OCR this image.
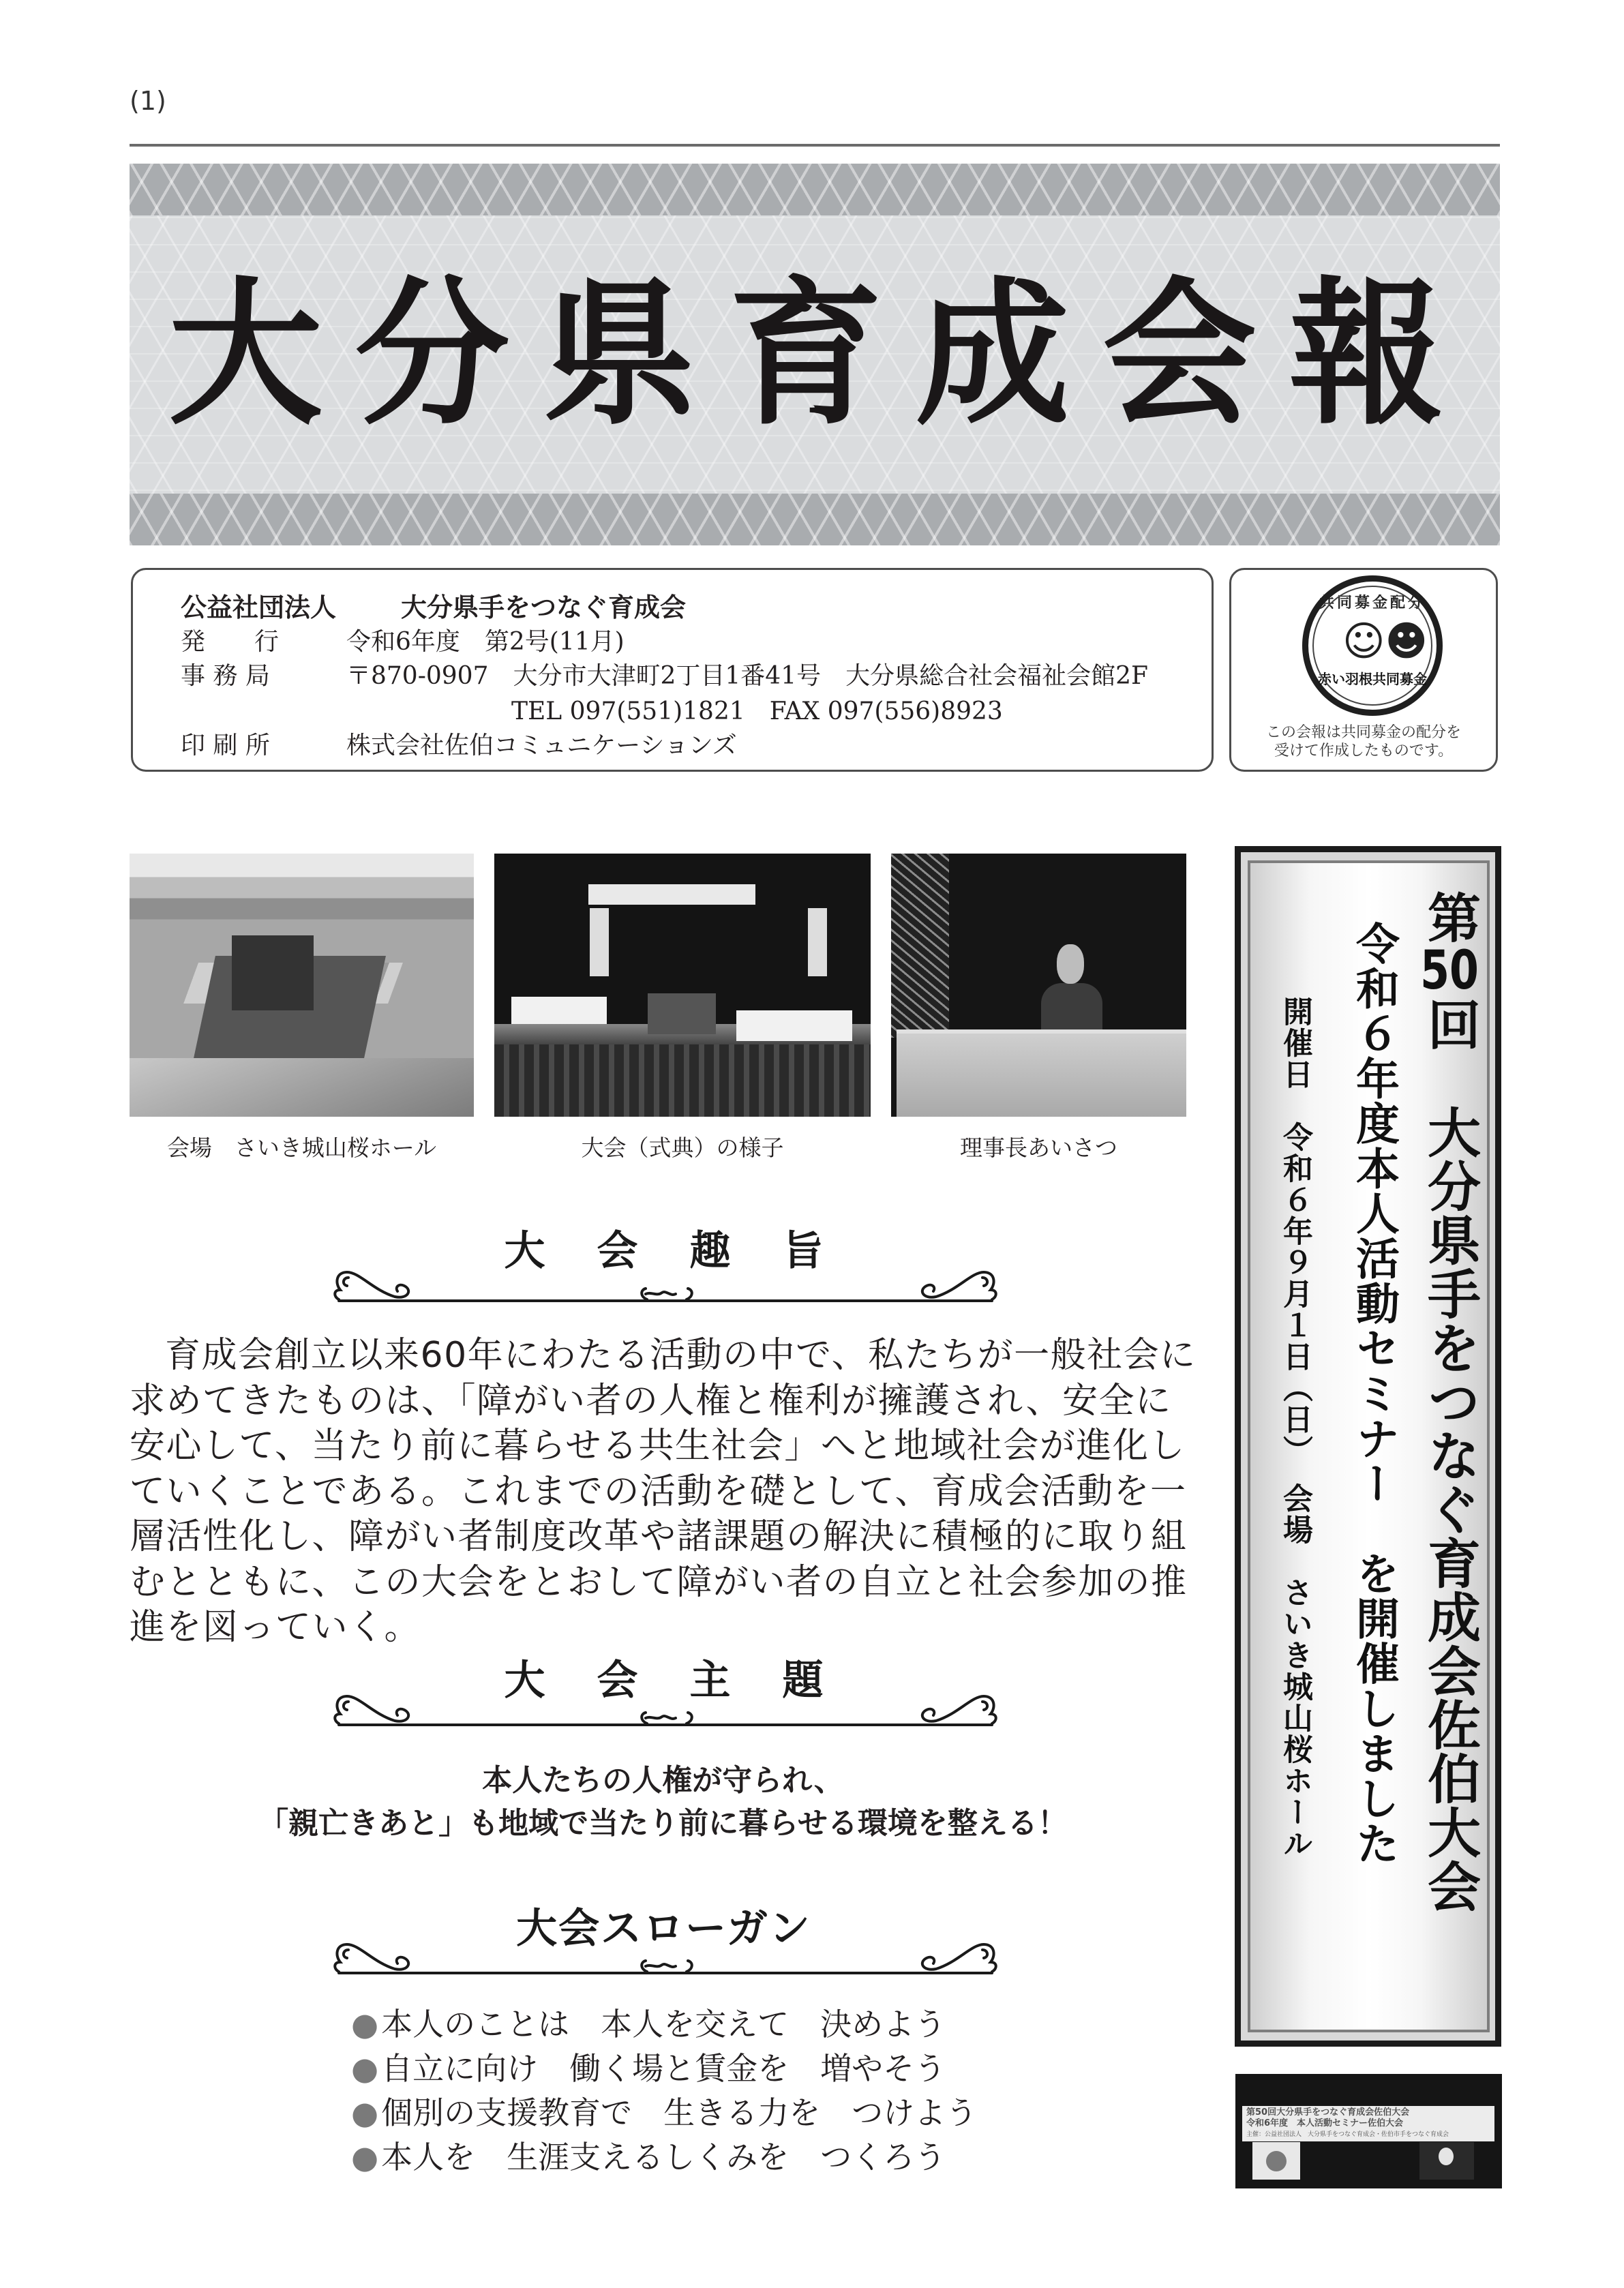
(1)
大分県育成会報
公益社団法人 大分県手をつなぐ育成会
発　　行	令和6年度　第2号(11月)
事 務 局	〒870-0907　大分市大津町2丁目1番41号　大分県総合社会福祉会館2F
TEL 097(551)1821　FAX 097(556)8923
印 刷 所	株式会社佐伯コミュニケーションズ
共同募金配分
☺☻
赤い羽根共同募金
この会報は共同募金の配分を
受けて作成したものです。
会場　さいき城山桜ホール	大会（式典）の様子	理事長あいさつ
第50回　大分県手をつなぐ育成会佐伯大会
令和６年度本人活動セミナー　を開催しました
開催日　令和６年９月１日（日）　会場　さいき城山桜ホール
第50回大分県手をつなぐ育成会佐伯大会
令和6年度　本人活動セミナー佐伯大会
主催：公益社団法人　大分県手をつなぐ育成会・佐伯市手をつなぐ育成会
大会趣旨
育成会創立以来60年にわたる活動の中で、私たちが一般社会に求めてきたものは、「障がい者の人権と権利が擁護され、安全に安心して、当たり前に暮らせる共生社会」へと地域社会が進化していくことである。これまでの活動を礎として、育成会活動を一層活性化し、障がい者制度改革や諸課題の解決に積極的に取り組むとともに、この大会をとおして障がい者の自立と社会参加の推進を図っていく。
大会主題
本人たちの人権が守られ、
「親亡きあと」も地域で当たり前に暮らせる環境を整える！
大会スローガン
●本人のことは　本人を交えて　決めよう
●自立に向け　働く場と賃金を　増やそう
●個別の支援教育で　生きる力を　つけよう
●本人を　生涯支えるしくみを　つくろう
